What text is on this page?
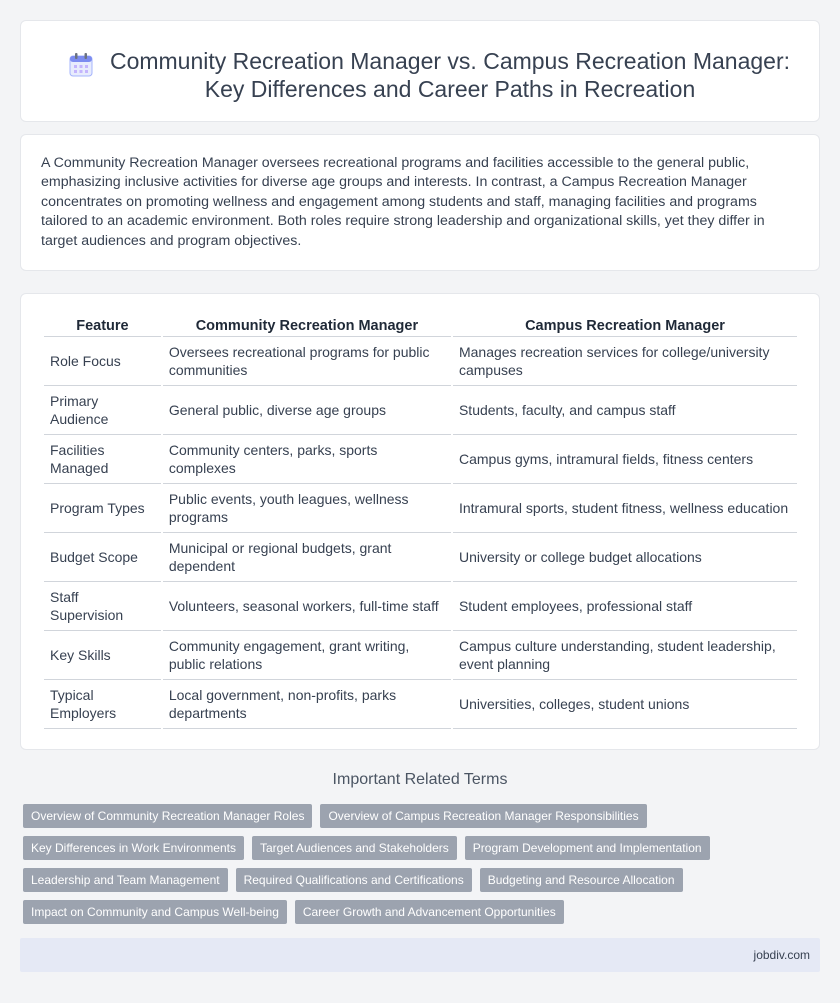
Community Recreation Manager vs. Campus Recreation Manager:
Key Differences and Career Paths in Recreation

A Community Recreation Manager oversees recreational programs and facilities accessible to the general public, emphasizing inclusive activities for diverse age groups and interests. In contrast, a Campus Recreation Manager concentrates on promoting wellness and engagement among students and staff, managing facilities and programs tailored to an academic environment. Both roles require strong leadership and organizational skills, yet they differ in target audiences and program objectives.

Feature	Community Recreation Manager	Campus Recreation Manager
Role Focus	Oversees recreational programs for public communities	Manages recreation services for college/university campuses
Primary Audience	General public, diverse age groups	Students, faculty, and campus staff
Facilities Managed	Community centers, parks, sports complexes	Campus gyms, intramural fields, fitness centers
Program Types	Public events, youth leagues, wellness programs	Intramural sports, student fitness, wellness education
Budget Scope	Municipal or regional budgets, grant dependent	University or college budget allocations
Staff Supervision	Volunteers, seasonal workers, full-time staff	Student employees, professional staff
Key Skills	Community engagement, grant writing, public relations	Campus culture understanding, student leadership, event planning
Typical Employers	Local government, non-profits, parks departments	Universities, colleges, student unions
Important Related Terms
Overview of Community Recreation Manager Roles	Overview of Campus Recreation Manager Responsibilities
Key Differences in Work Environments	Target Audiences and Stakeholders	Program Development and Implementation
Leadership and Team Management	Required Qualifications and Certifications	Budgeting and Resource Allocation
Impact on Community and Campus Well-being	Career Growth and Advancement Opportunities
jobdiv.com
